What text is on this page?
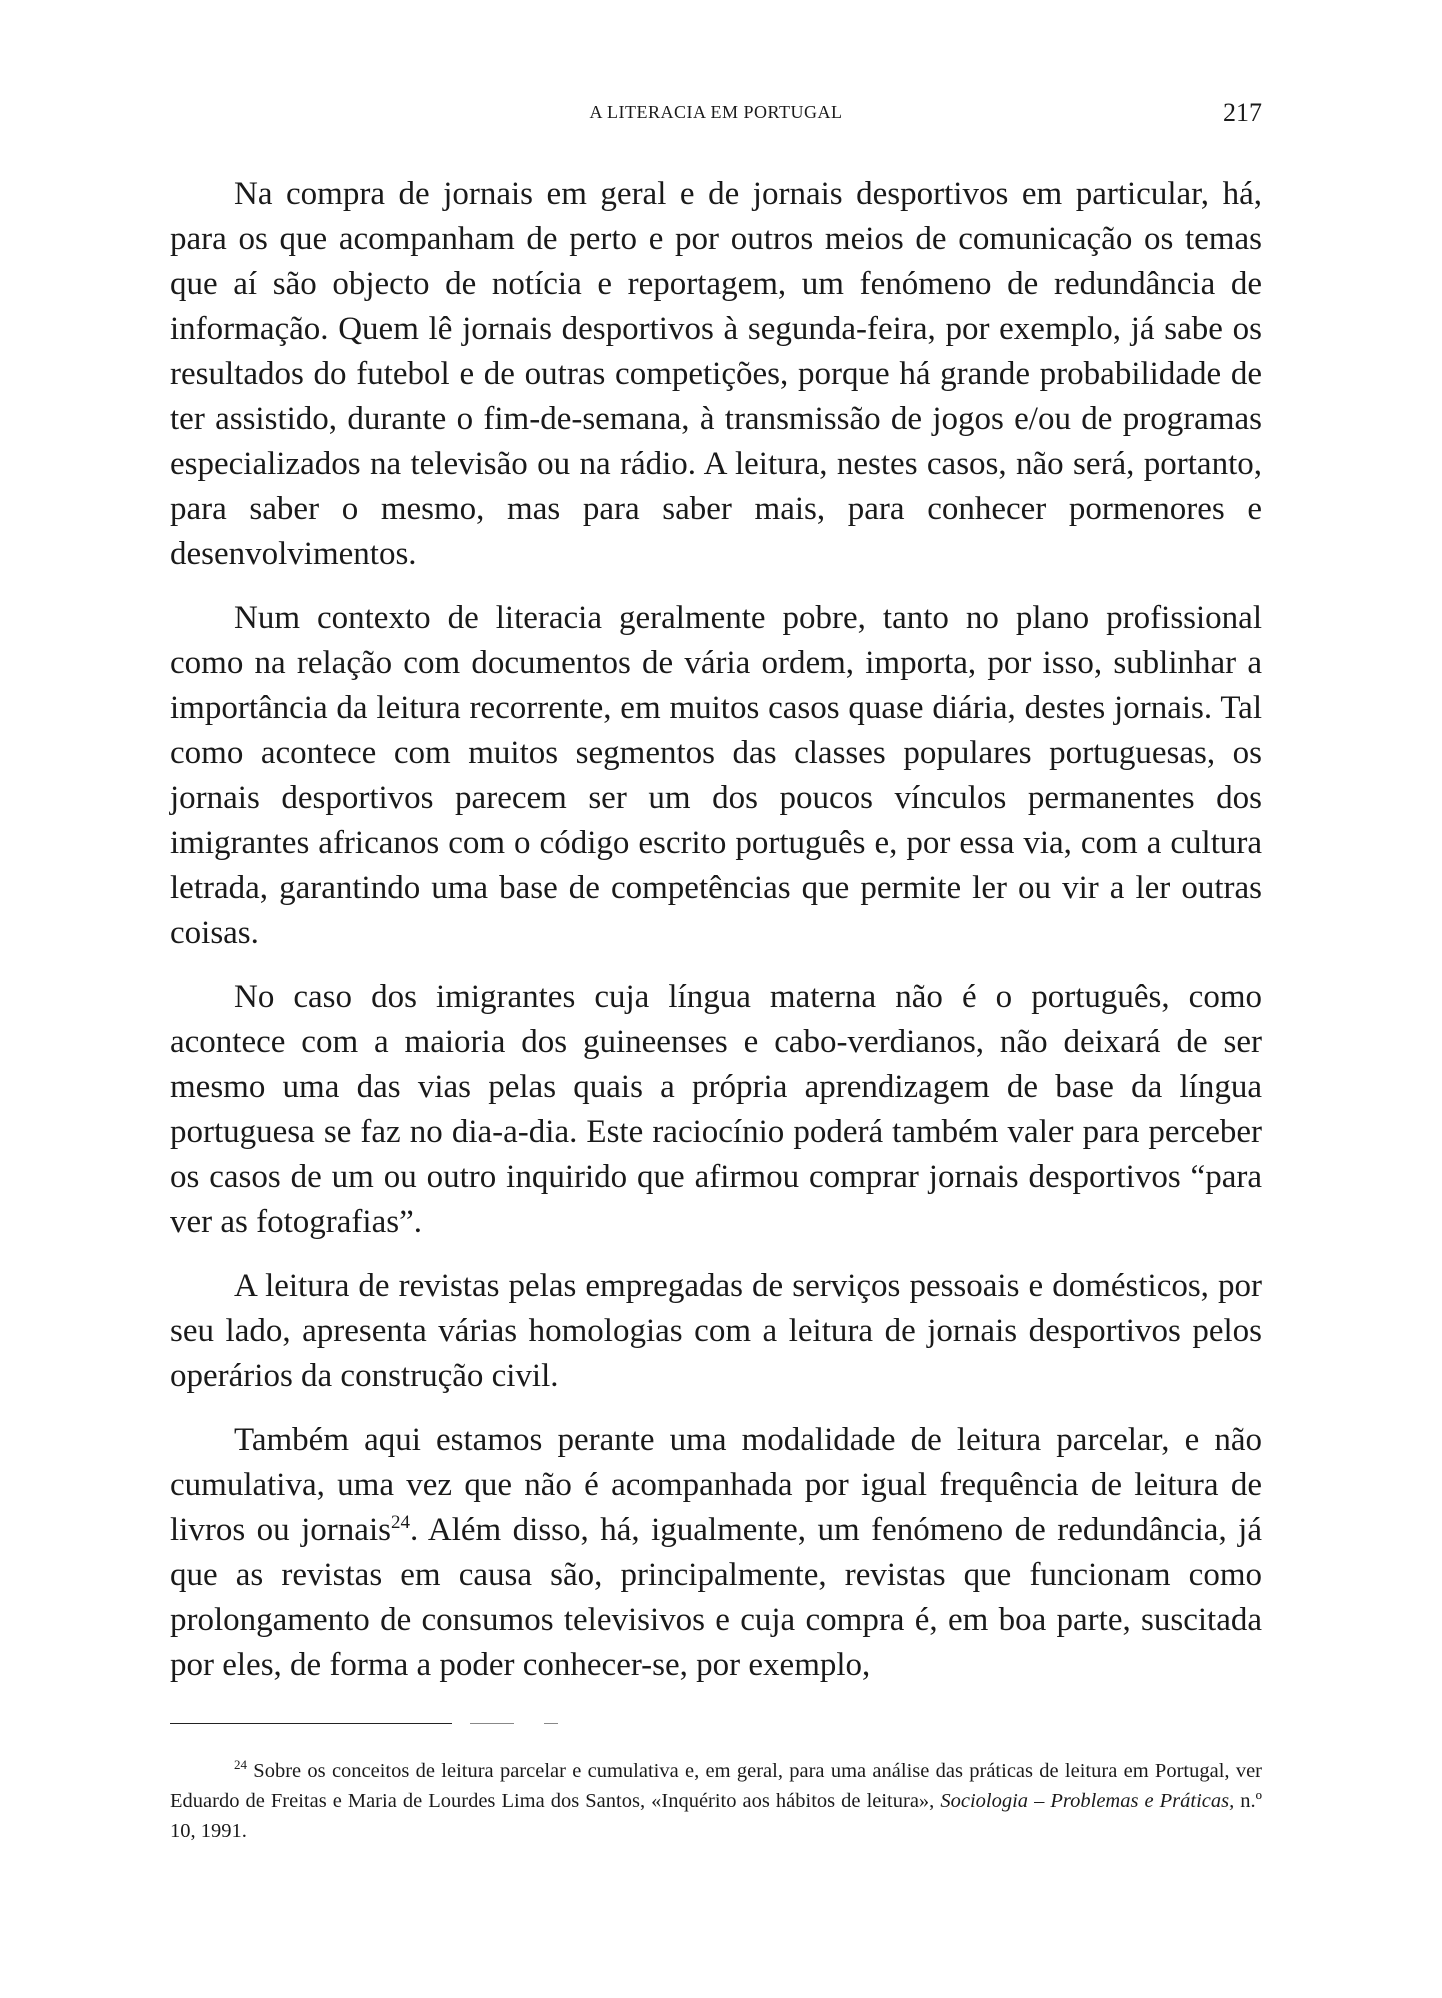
A LITERACIA EM PORTUGAL	217

Na compra de jornais em geral e de jornais desportivos em particular, há, para os que acompanham de perto e por outros meios de comunicação os temas que aí são objecto de notícia e reportagem, um fenómeno de redundância de informação. Quem lê jornais desportivos à segunda-feira, por exemplo, já sabe os resultados do futebol e de outras competições, porque há grande probabilidade de ter assistido, durante o fim-de-semana, à transmissão de jogos e/ou de programas especializados na televisão ou na rádio. A leitura, nestes casos, não será, portanto, para saber o mesmo, mas para saber mais, para conhecer pormenores e desenvolvimentos.

Num contexto de literacia geralmente pobre, tanto no plano profissional como na relação com documentos de vária ordem, importa, por isso, sublinhar a importância da leitura recorrente, em muitos casos quase diária, destes jornais. Tal como acontece com muitos segmentos das classes populares portuguesas, os jornais desportivos parecem ser um dos poucos vínculos permanentes dos imigrantes africanos com o código escrito português e, por essa via, com a cultura letrada, garantindo uma base de competências que permite ler ou vir a ler outras coisas.

No caso dos imigrantes cuja língua materna não é o português, como acontece com a maioria dos guineenses e cabo-verdianos, não deixará de ser mesmo uma das vias pelas quais a própria aprendizagem de base da língua portuguesa se faz no dia-a-dia. Este raciocínio poderá também valer para perceber os casos de um ou outro inquirido que afirmou comprar jornais desportivos “para ver as fotografias”.

A leitura de revistas pelas empregadas de serviços pessoais e domésticos, por seu lado, apresenta várias homologias com a leitura de jornais desportivos pelos operários da construção civil.

Também aqui estamos perante uma modalidade de leitura parcelar, e não cumulativa, uma vez que não é acompanhada por igual frequência de leitura de livros ou jornais$^{24}$. Além disso, há, igualmente, um fenómeno de redundância, já que as revistas em causa são, principalmente, revistas que funcionam como prolongamento de consumos televisivos e cuja compra é, em boa parte, suscitada por eles, de forma a poder conhecer-se, por exemplo,

$^{24}$ Sobre os conceitos de leitura parcelar e cumulativa e, em geral, para uma análise das práticas de leitura em Portugal, ver Eduardo de Freitas e Maria de Lourdes Lima dos Santos, «Inquérito aos hábitos de leitura», Sociologia – Problemas e Práticas, n.º 10, 1991.
